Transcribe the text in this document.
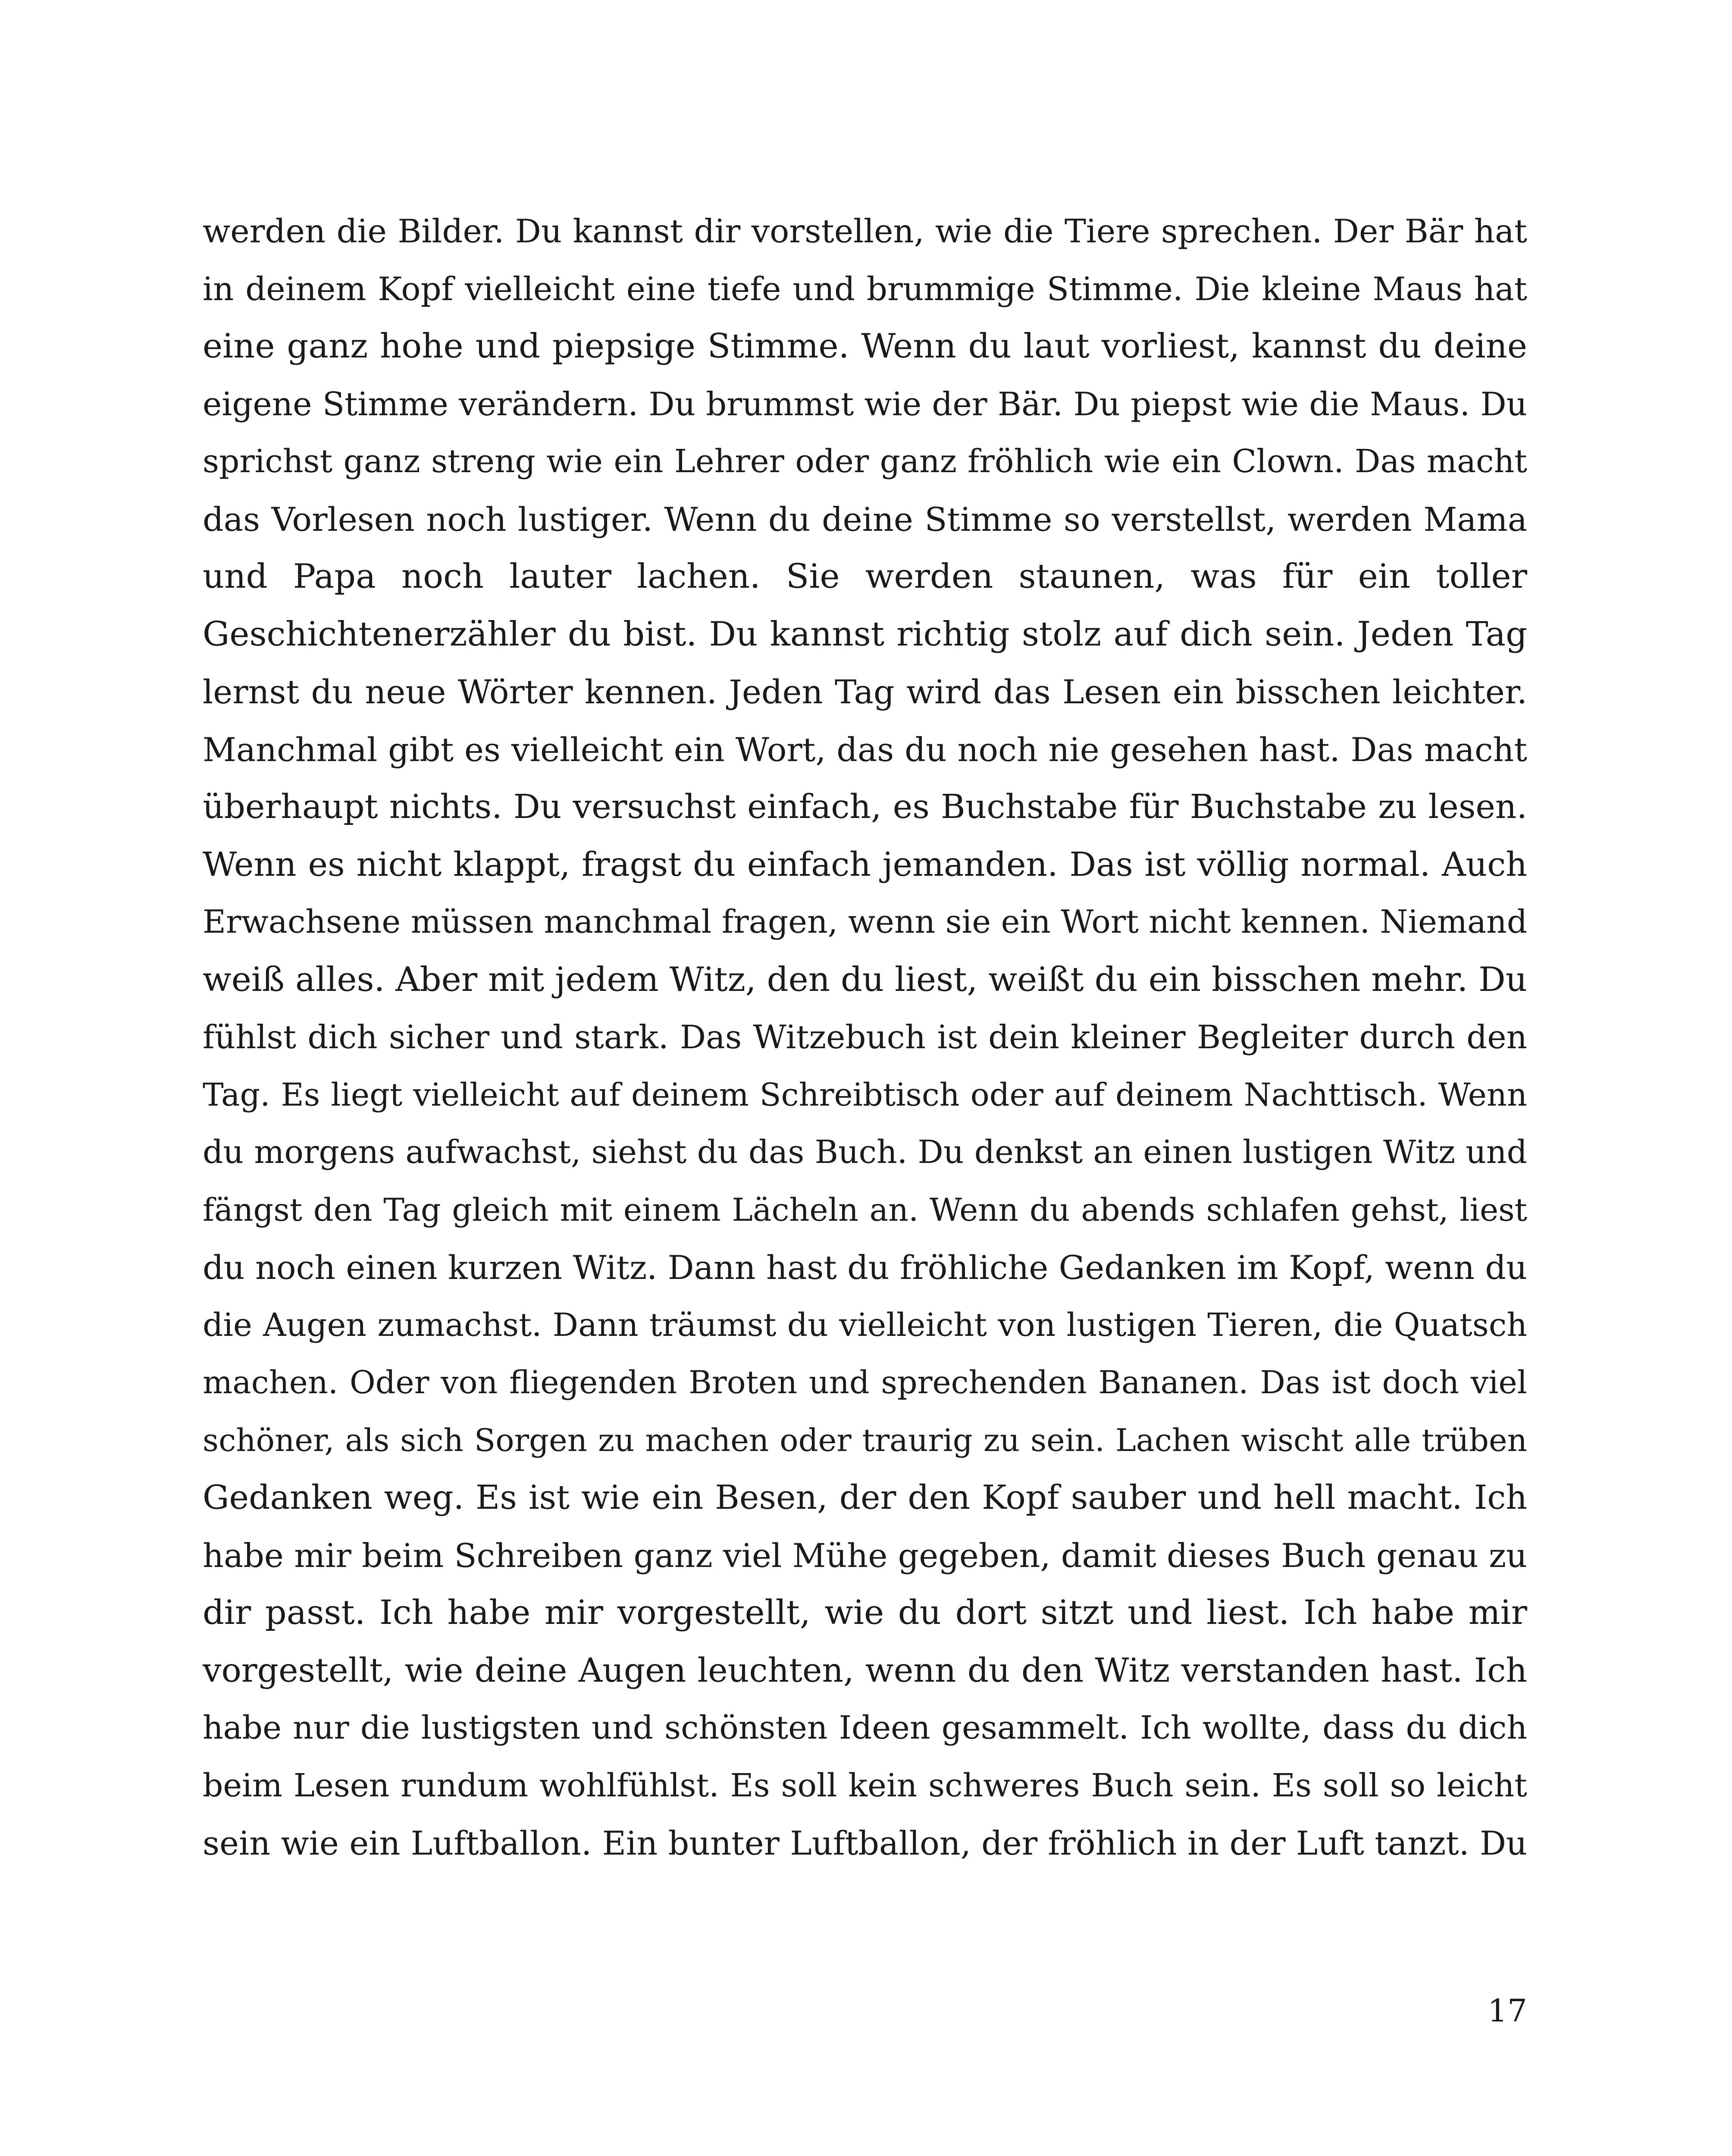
werden die Bilder. Du kannst dir vorstellen, wie die Tiere sprechen. Der Bär hat
in deinem Kopf vielleicht eine tiefe und brummige Stimme. Die kleine Maus hat
eine ganz hohe und piepsige Stimme. Wenn du laut vorliest, kannst du deine
eigene Stimme verändern. Du brummst wie der Bär. Du piepst wie die Maus. Du
sprichst ganz streng wie ein Lehrer oder ganz fröhlich wie ein Clown. Das macht
das Vorlesen noch lustiger. Wenn du deine Stimme so verstellst, werden Mama
und Papa noch lauter lachen. Sie werden staunen, was für ein toller
Geschichtenerzähler du bist. Du kannst richtig stolz auf dich sein. Jeden Tag
lernst du neue Wörter kennen. Jeden Tag wird das Lesen ein bisschen leichter.
Manchmal gibt es vielleicht ein Wort, das du noch nie gesehen hast. Das macht
überhaupt nichts. Du versuchst einfach, es Buchstabe für Buchstabe zu lesen.
Wenn es nicht klappt, fragst du einfach jemanden. Das ist völlig normal. Auch
Erwachsene müssen manchmal fragen, wenn sie ein Wort nicht kennen. Niemand
weiß alles. Aber mit jedem Witz, den du liest, weißt du ein bisschen mehr. Du
fühlst dich sicher und stark. Das Witzebuch ist dein kleiner Begleiter durch den
Tag. Es liegt vielleicht auf deinem Schreibtisch oder auf deinem Nachttisch. Wenn
du morgens aufwachst, siehst du das Buch. Du denkst an einen lustigen Witz und
fängst den Tag gleich mit einem Lächeln an. Wenn du abends schlafen gehst, liest
du noch einen kurzen Witz. Dann hast du fröhliche Gedanken im Kopf, wenn du
die Augen zumachst. Dann träumst du vielleicht von lustigen Tieren, die Quatsch
machen. Oder von fliegenden Broten und sprechenden Bananen. Das ist doch viel
schöner, als sich Sorgen zu machen oder traurig zu sein. Lachen wischt alle trüben
Gedanken weg. Es ist wie ein Besen, der den Kopf sauber und hell macht. Ich
habe mir beim Schreiben ganz viel Mühe gegeben, damit dieses Buch genau zu
dir passt. Ich habe mir vorgestellt, wie du dort sitzt und liest. Ich habe mir
vorgestellt, wie deine Augen leuchten, wenn du den Witz verstanden hast. Ich
habe nur die lustigsten und schönsten Ideen gesammelt. Ich wollte, dass du dich
beim Lesen rundum wohlfühlst. Es soll kein schweres Buch sein. Es soll so leicht
sein wie ein Luftballon. Ein bunter Luftballon, der fröhlich in der Luft tanzt. Du
17
